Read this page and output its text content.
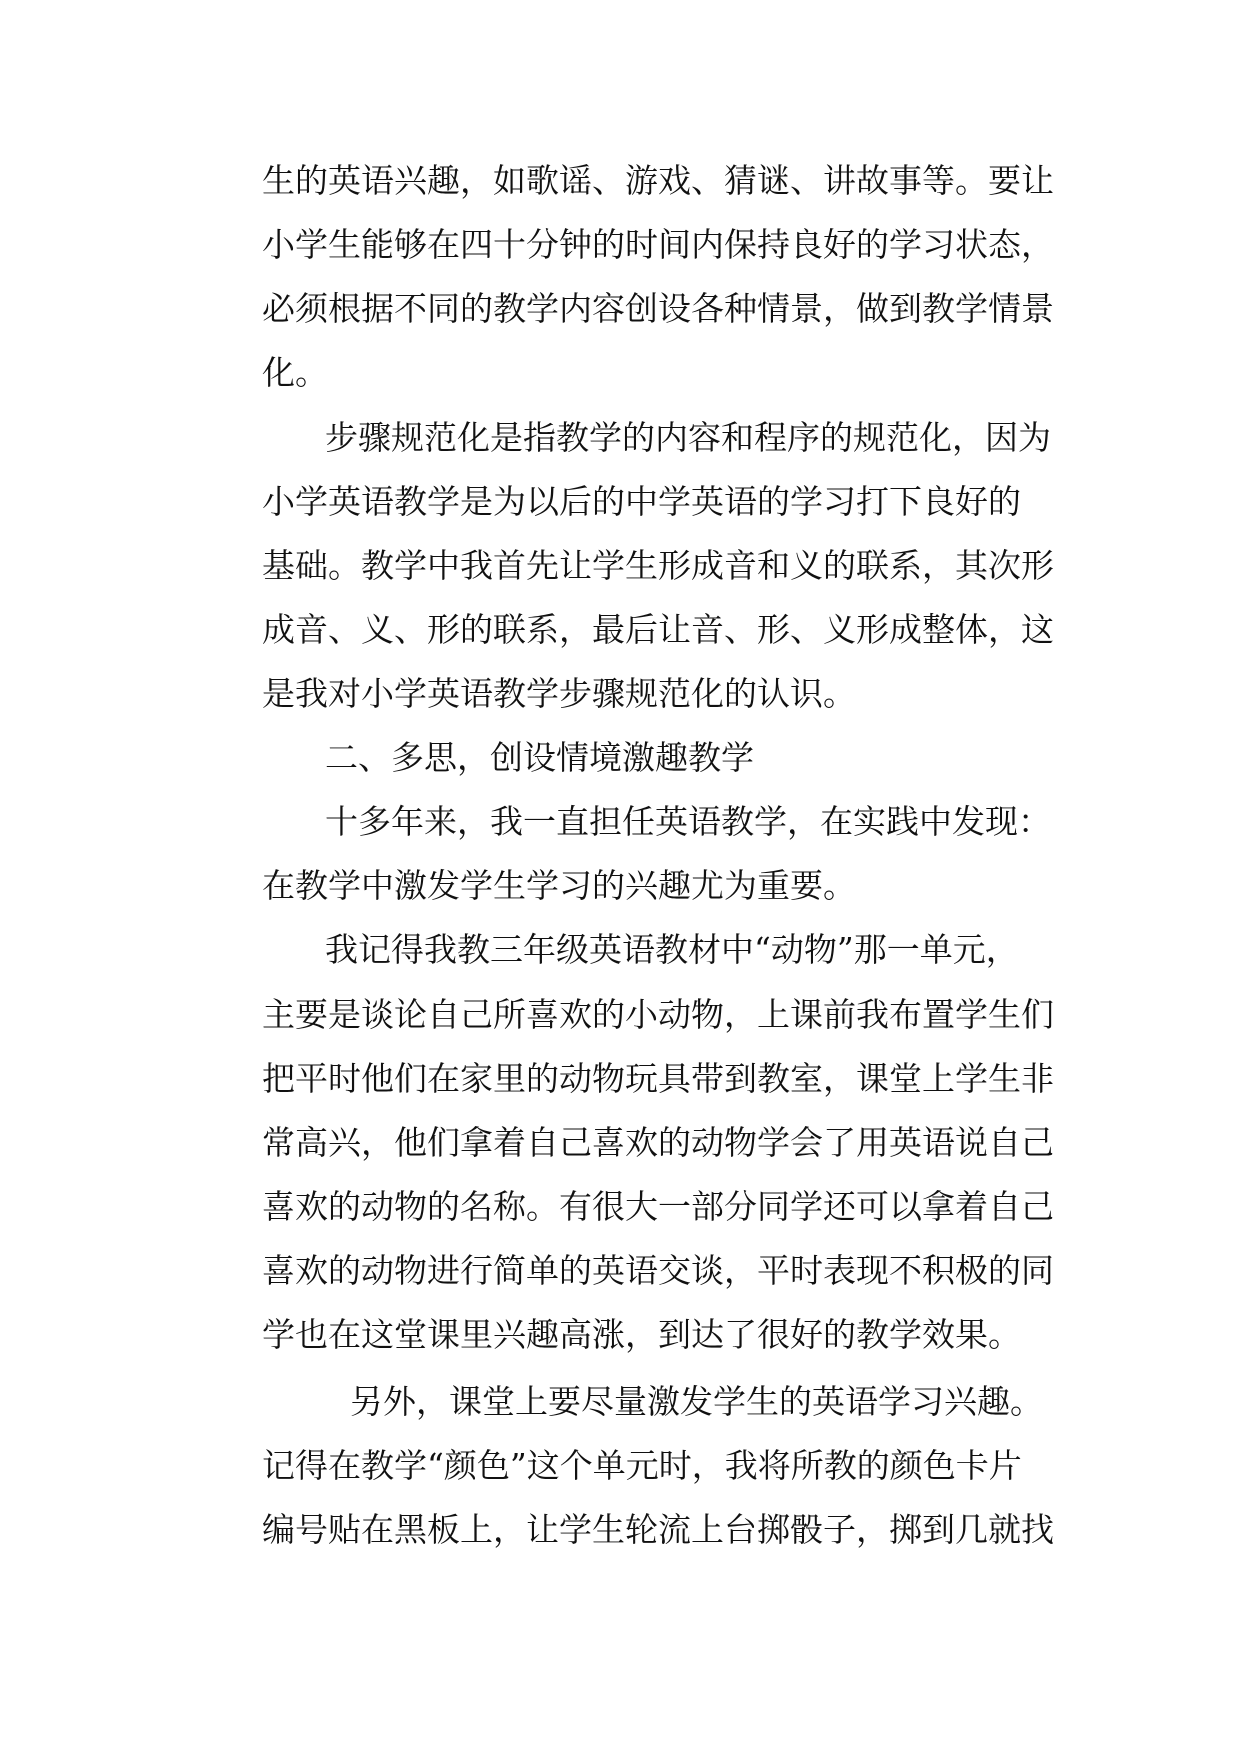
生的英语兴趣，如歌谣、游戏、猜谜、讲故事等。要让
小学生能够在四十分钟的时间内保持良好的学习状态，
必须根据不同的教学内容创设各种情景，做到教学情景
化。
步骤规范化是指教学的内容和程序的规范化，因为
小学英语教学是为以后的中学英语的学习打下良好的
基础。教学中我首先让学生形成音和义的联系，其次形
成音、义、形的联系，最后让音、形、义形成整体，这
是我对小学英语教学步骤规范化的认识。
二、多思，创设情境激趣教学
十多年来，我一直担任英语教学，在实践中发现：
在教学中激发学生学习的兴趣尤为重要。
我记得我教三年级英语教材中“动物”那一单元，
主要是谈论自己所喜欢的小动物，上课前我布置学生们
把平时他们在家里的动物玩具带到教室，课堂上学生非
常高兴，他们拿着自己喜欢的动物学会了用英语说自己
喜欢的动物的名称。有很大一部分同学还可以拿着自己
喜欢的动物进行简单的英语交谈，平时表现不积极的同
学也在这堂课里兴趣高涨，到达了很好的教学效果。
另外，课堂上要尽量激发学生的英语学习兴趣。
记得在教学“颜色”这个单元时，我将所教的颜色卡片
编号贴在黑板上，让学生轮流上台掷骰子，掷到几就找
